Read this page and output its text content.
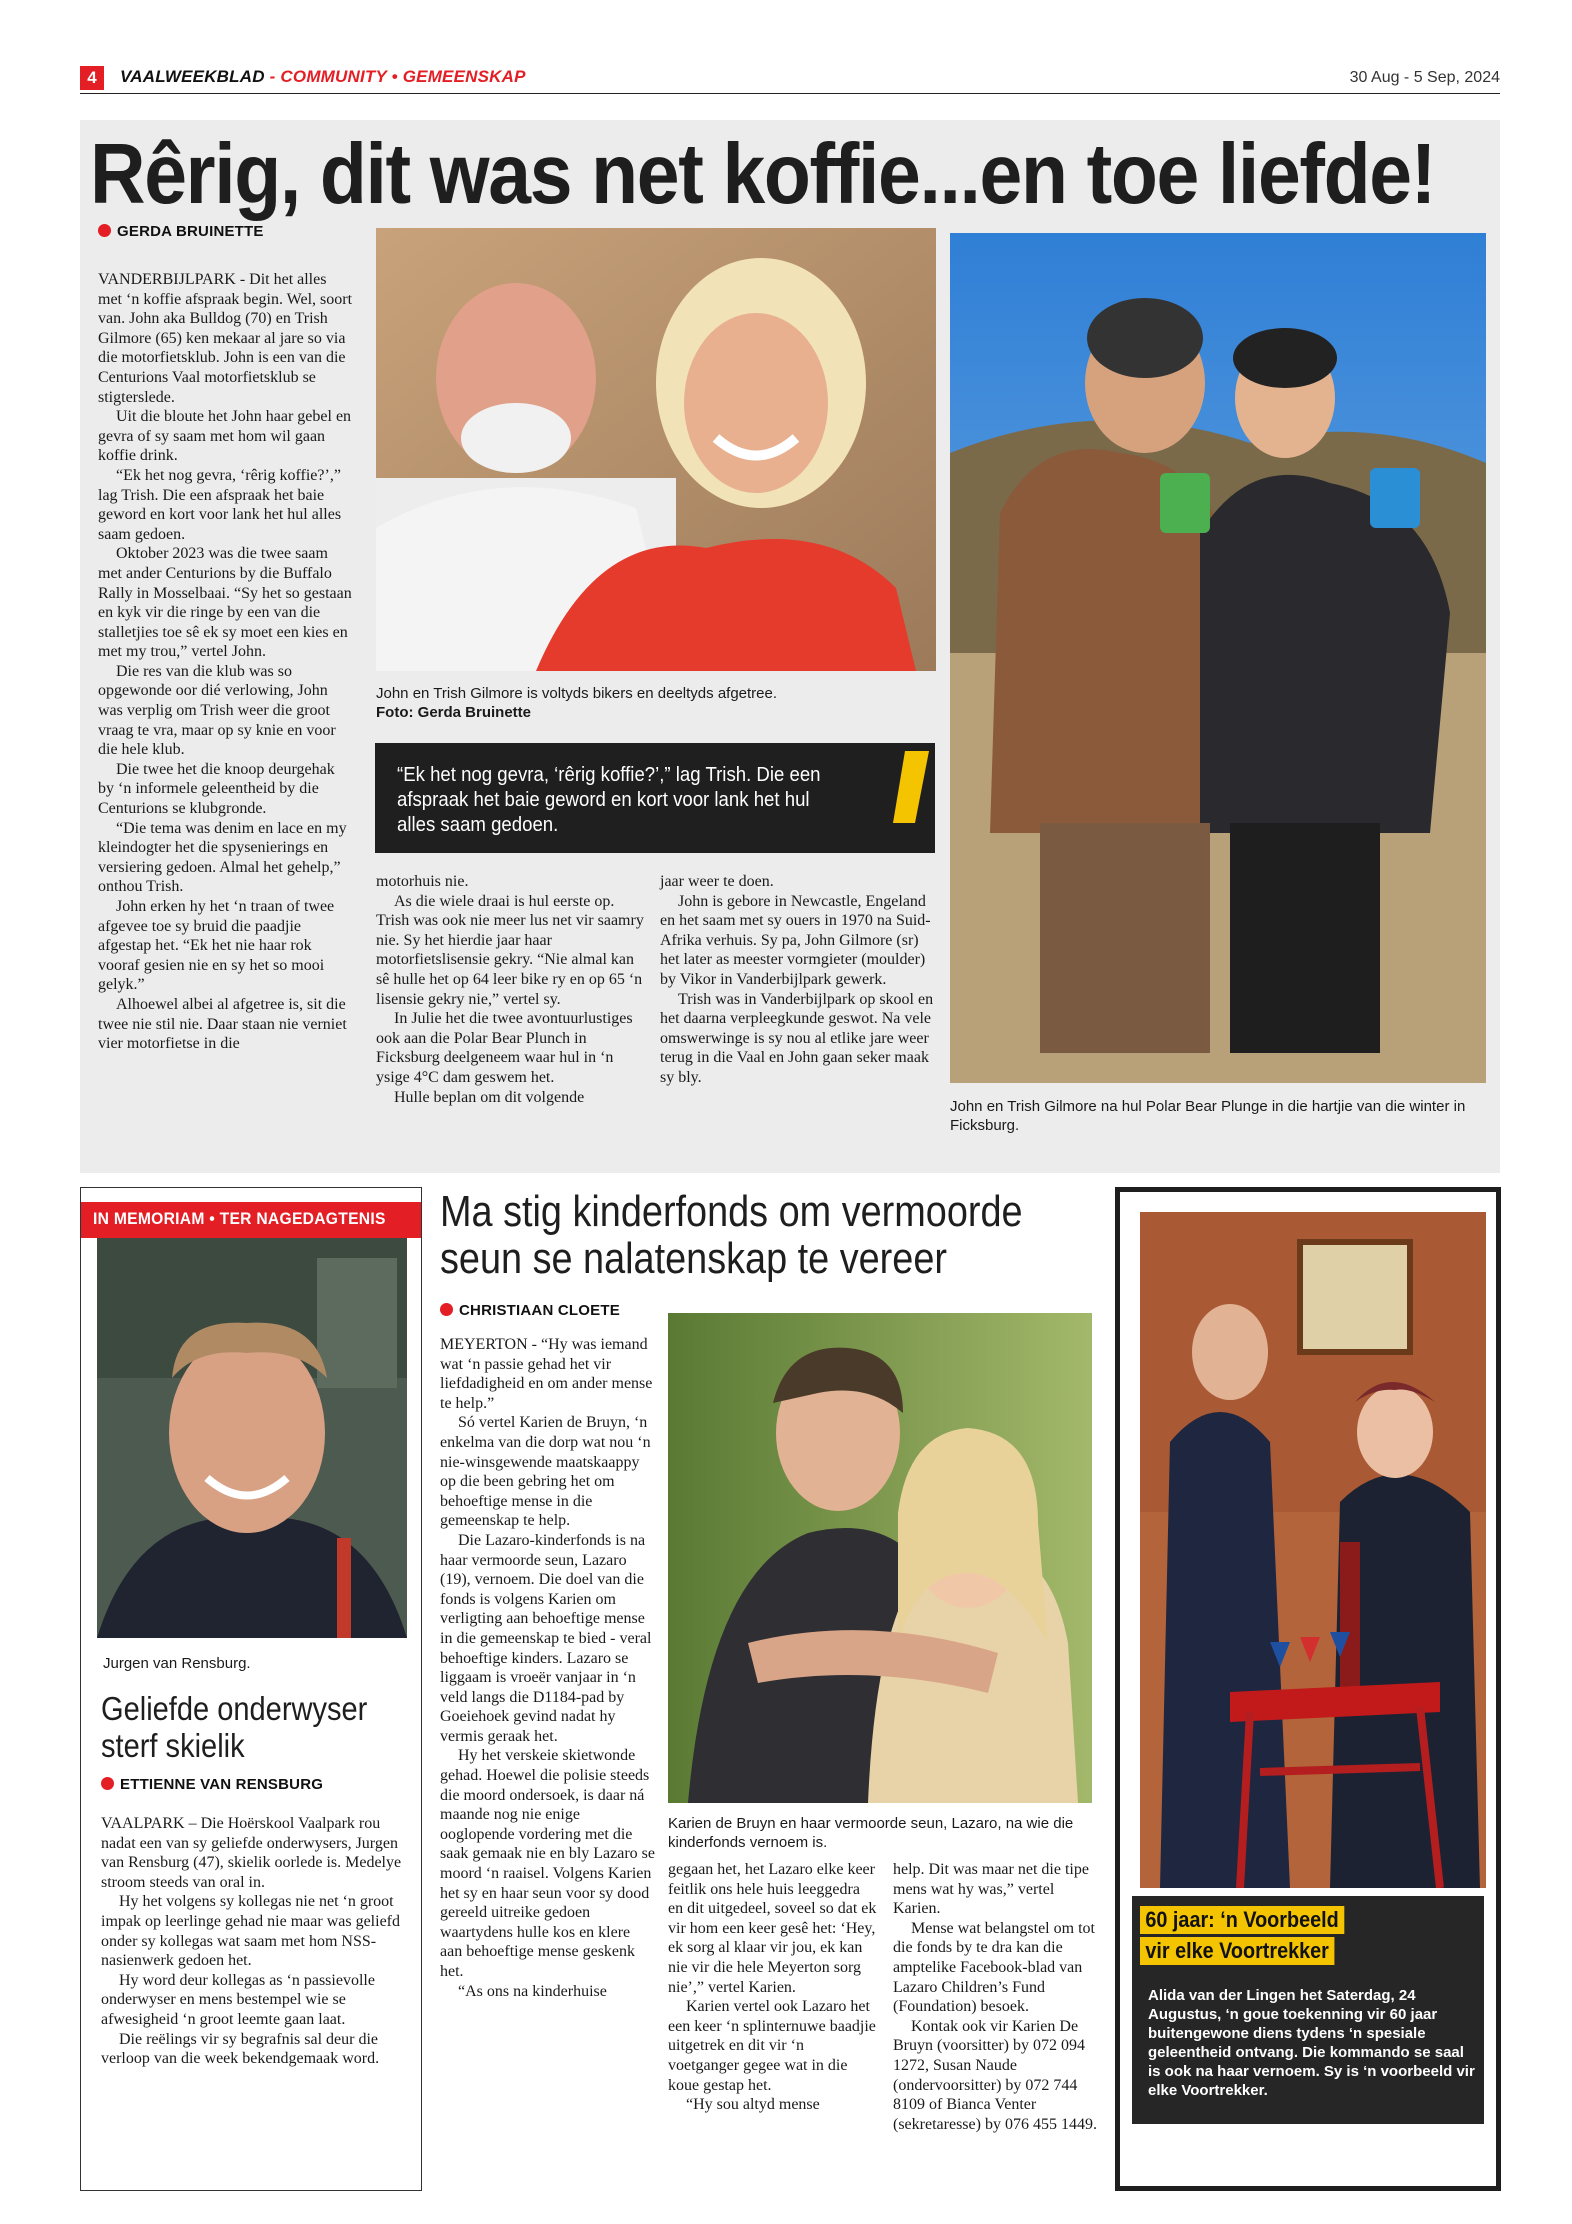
4	VAALWEEKBLAD - COMMUNITY • GEMEENSKAP	30 Aug - 5 Sep, 2024
Rêrig, dit was net koffie...en toe liefde!
GERDA BRUINETTE

VANDERBIJLPARK - Dit het alles met ‘n koffie afspraak begin. Wel, soort van. John aka Bulldog (70) en Trish Gilmore (65) ken mekaar al jare so via die motorfietsklub. John is een van die Centurions Vaal motorfietsklub se stigterslede.

Uit die bloute het John haar gebel en gevra of sy saam met hom wil gaan koffie drink.

“Ek het nog gevra, ‘rêrig koffie?’,” lag Trish. Die een afspraak het baie geword en kort voor lank het hul alles saam gedoen.

Oktober 2023 was die twee saam met ander Centurions by die Buffalo Rally in Mosselbaai. “Sy het so gestaan en kyk vir die ringe by een van die stalletjies toe sê ek sy moet een kies en met my trou,” vertel John.

Die res van die klub was so opgewonde oor dié verlowing, John was verplig om Trish weer die groot vraag te vra, maar op sy knie en voor die hele klub.

Die twee het die knoop deurgehak by ‘n informele geleentheid by die Centurions se klubgronde.

“Die tema was denim en lace en my kleindogter het die spysenierings en versiering gedoen. Almal het gehelp,” onthou Trish.

John erken hy het ‘n traan of twee afgevee toe sy bruid die paadjie afgestap het. “Ek het nie haar rok vooraf gesien nie en sy het so mooi gelyk.”

Alhoewel albei al afgetree is, sit die twee nie stil nie. Daar staan nie verniet vier motorfietse in die

John en Trish Gilmore is voltyds bikers en deeltyds afgetree.
Foto: Gerda Bruinette
“Ek het nog gevra, ‘rêrig koffie?’,” lag Trish. Die een afspraak het baie geword en kort voor lank het hul alles saam gedoen.

motorhuis nie.

As die wiele draai is hul eerste op. Trish was ook nie meer lus net vir saamry nie. Sy het hierdie jaar haar motorfietslisensie gekry. “Nie almal kan sê hulle het op 64 leer bike ry en op 65 ‘n lisensie gekry nie,” vertel sy.

In Julie het die twee avontuurlustiges ook aan die Polar Bear Plunch in Ficksburg deelgeneem waar hul in ‘n ysige 4°C dam geswem het.

Hulle beplan om dit volgende

jaar weer te doen.

John is gebore in Newcastle, Engeland en het saam met sy ouers in 1970 na Suid-Afrika verhuis. Sy pa, John Gilmore (sr) het later as meester vormgieter (moulder) by Vikor in Vanderbijlpark gewerk.

Trish was in Vanderbijlpark op skool en het daarna verpleegkunde geswot. Na vele omswerwinge is sy nou al etlike jare weer terug in die Vaal en John gaan seker maak sy bly.

John en Trish Gilmore na hul Polar Bear Plunge in die hartjie van die winter in Ficksburg.
IN MEMORIAM • TER NAGEDAGTENIS
Jurgen van Rensburg.
Geliefde onderwyser sterf skielik
ETTIENNE VAN RENSBURG

VAALPARK – Die Hoërskool Vaalpark rou nadat een van sy geliefde onderwysers, Jurgen van Rensburg (47), skielik oorlede is. Medelye stroom steeds van oral in.

Hy het volgens sy kollegas nie net ‘n groot impak op leerlinge gehad nie maar was geliefd onder sy kollegas wat saam met hom NSS-nasienwerk gedoen het.

Hy word deur kollegas as ‘n passievolle onderwyser en mens bestempel wie se afwesigheid ‘n groot leemte gaan laat.

Die reëlings vir sy begrafnis sal deur die verloop van die week bekendgemaak word.

Ma stig kinderfonds om vermoorde seun se nalatenskap te vereer
CHRISTIAAN CLOETE

MEYERTON - “Hy was iemand wat ‘n passie gehad het vir liefdadigheid en om ander mense te help.”

Só vertel Karien de Bruyn, ‘n enkelma van die dorp wat nou ‘n nie-winsgewende maatskaappy op die been gebring het om behoeftige mense in die gemeenskap te help.

Die Lazaro-kinderfonds is na haar vermoorde seun, Lazaro (19), vernoem. Die doel van die fonds is volgens Karien om verligting aan behoeftige mense in die gemeenskap te bied - veral behoeftige kinders. Lazaro se liggaam is vroeër vanjaar in ‘n veld langs die D1184-pad by Goeiehoek gevind nadat hy vermis geraak het.

Hy het verskeie skietwonde gehad. Hoewel die polisie steeds die moord ondersoek, is daar ná maande nog nie enige ooglopende vordering met die saak gemaak nie en bly Lazaro se moord ‘n raaisel. Volgens Karien het sy en haar seun voor sy dood gereeld uitreike gedoen waartydens hulle kos en klere aan behoeftige mense geskenk het.

“As ons na kinderhuise

Karien de Bruyn en haar vermoorde seun, Lazaro, na wie die kinderfonds vernoem is.

gegaan het, het Lazaro elke keer feitlik ons hele huis leeggedra en dit uitgedeel, soveel so dat ek vir hom een keer gesê het: ‘Hey, ek sorg al klaar vir jou, ek kan nie vir die hele Meyerton sorg nie’,” vertel Karien.

Karien vertel ook Lazaro het een keer ‘n splinternuwe baadjie uitgetrek en dit vir ‘n voetganger gegee wat in die koue gestap het.

“Hy sou altyd mense

help. Dit was maar net die tipe mens wat hy was,” vertel Karien.

Mense wat belangstel om tot die fonds by te dra kan die amptelike Facebook-blad van Lazaro Children’s Fund (Foundation) besoek.

Kontak ook vir Karien De Bruyn (voorsitter) by 072 094 1272, Susan Naude (ondervoorsitter) by 072 744 8109 of Bianca Venter (sekretaresse) by 076 455 1449.

60 jaar: ‘n Voorbeeld
vir elke Voortrekker
Alida van der Lingen het Saterdag, 24 Augustus, ‘n goue toekenning vir 60 jaar buitengewone diens tydens ‘n spesiale geleentheid ontvang. Die kommando se saal is ook na haar vernoem. Sy is ‘n voorbeeld vir elke Voortrekker.
